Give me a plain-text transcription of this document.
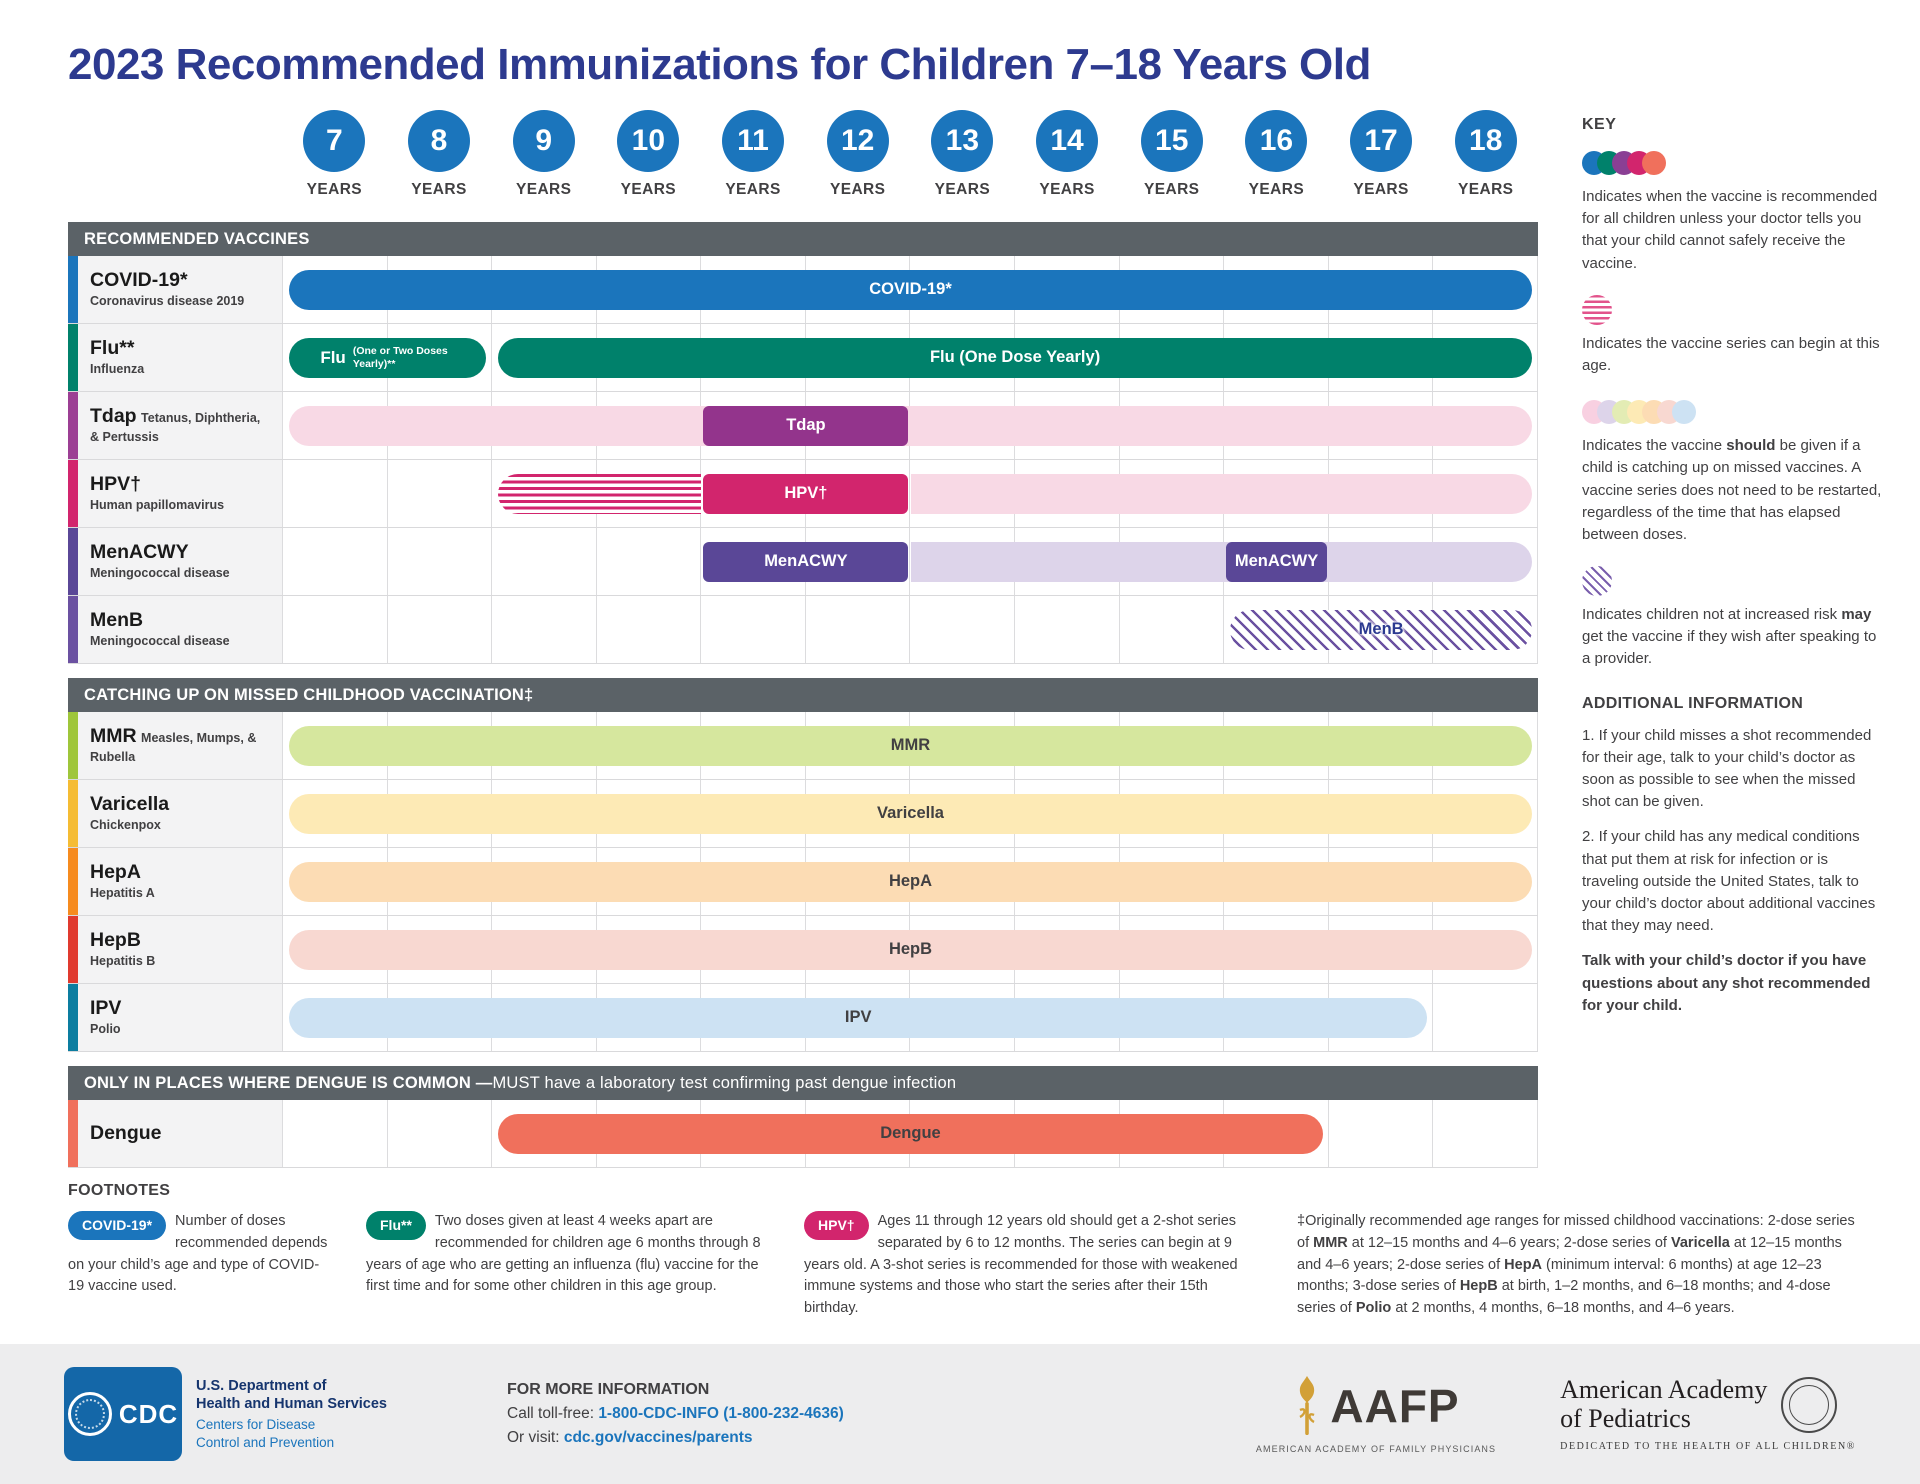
2023 Recommended Immunizations for Children 7–18 Years Old
7
YEARS
8
YEARS
9
YEARS
10
YEARS
11
YEARS
12
YEARS
13
YEARS
14
YEARS
15
YEARS
16
YEARS
17
YEARS
18
YEARS
RECOMMENDED VACCINES
COVID-19*
Coronavirus disease 2019
COVID-19*
Flu**
Influenza
Flu (One or Two Doses Yearly)**	Flu (One Dose Yearly)
Tdap Tetanus, Diphtheria, & Pertussis
Tdap
HPV†
Human papillomavirus
HPV†
MenACWY
Meningococcal disease
MenACWY	MenACWY
MenB
Meningococcal disease
MenB
CATCHING UP ON MISSED CHILDHOOD VACCINATION‡
MMR Measles, Mumps, & Rubella
MMR
Varicella
Chickenpox
Varicella
HepA
Hepatitis A
HepA
HepB
Hepatitis B
HepB
IPV
Polio
IPV
ONLY IN PLACES WHERE DENGUE IS COMMON — MUST have a laboratory test confirming past dengue infection
Dengue	Dengue
KEY

Indicates when the vaccine is recommended for all children unless your doctor tells you that your child cannot safely receive the vaccine.

Indicates the vaccine series can begin at this age.

Indicates the vaccine should be given if a child is catching up on missed vaccines. A vaccine series does not need to be restarted, regardless of the time that has elapsed between doses.

Indicates children not at increased risk may get the vaccine if they wish after speaking to a provider.

ADDITIONAL INFORMATION

1. If your child misses a shot recommended for their age, talk to your child’s doctor as soon as possible to see when the missed shot can be given.

2. If your child has any medical conditions that put them at risk for infection or is traveling outside the United States, talk to your child’s doctor about additional vaccines that they may need.

Talk with your child’s doctor if you have questions about any shot recommended for your child.

FOOTNOTES
COVID-19*	Number of doses recommended depends on your child’s age and type of COVID-19 vaccine used.
Flu**	Two doses given at least 4 weeks apart are recommended for children age 6 months through 8 years of age who are getting an influenza (flu) vaccine for the first time and for some other children in this age group.
HPV†	Ages 11 through 12 years old should get a 2-shot series separated by 6 to 12 months. The series can begin at 9 years old. A 3-shot series is recommended for those with weakened immune systems and those who start the series after their 15th birthday.
‡Originally recommended age ranges for missed childhood vaccinations: 2-dose series of MMR at 12–15 months and 4–6 years; 2-dose series of Varicella at 12–15 months and 4–6 years; 2-dose series of HepA (minimum interval: 6 months) at age 12–23 months; 3-dose series of HepB at birth, 1–2 months, and 6–18 months; and 4-dose series of Polio at 2 months, 4 months, 6–18 months, and 4–6 years.
CDC
U.S. Department of
Health and Human Services
Centers for Disease
Control and Prevention
FOR MORE INFORMATION
Call toll-free: 1-800-CDC-INFO (1-800-232-4636)
Or visit: cdc.gov/vaccines/parents
AAFP
AMERICAN ACADEMY OF FAMILY PHYSICIANS
American Academy
of Pediatrics
DEDICATED TO THE HEALTH OF ALL CHILDREN®
